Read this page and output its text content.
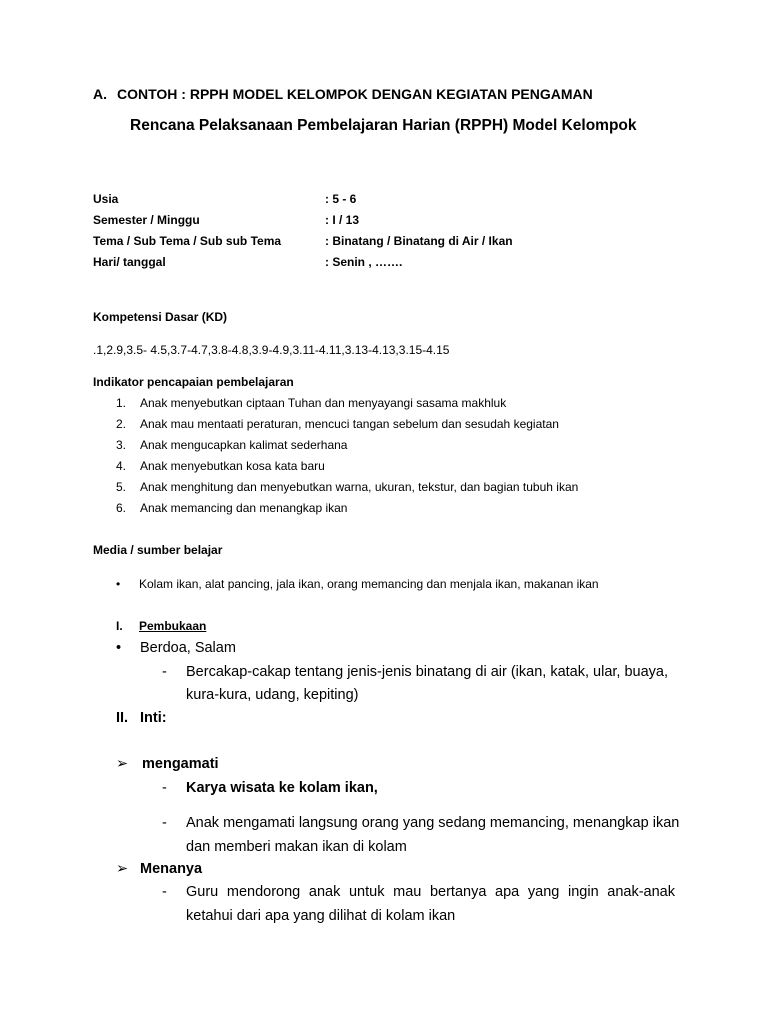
A. CONTOH : RPPH MODEL KELOMPOK DENGAN KEGIATAN PENGAMAN
Rencana Pelaksanaan Pembelajaran Harian (RPPH) Model Kelompok
Usia	: 5 - 6
Semester / Minggu	: I / 13
Tema / Sub Tema / Sub sub Tema	: Binatang / Binatang di Air / Ikan
Hari/ tanggal	: Senin , …….
Kompetensi Dasar (KD)
.1,2.9,3.5- 4.5,3.7-4.7,3.8-4.8,3.9-4.9,3.11-4.11,3.13-4.13,3.15-4.15
Indikator pencapaian pembelajaran
1. Anak menyebutkan ciptaan Tuhan dan menyayangi sasama makhluk
2. Anak mau mentaati peraturan, mencuci tangan sebelum dan sesudah kegiatan
3. Anak mengucapkan kalimat sederhana
4. Anak menyebutkan kosa kata baru
5. Anak menghitung dan menyebutkan warna, ukuran, tekstur, dan bagian tubuh ikan
6. Anak memancing dan menangkap ikan
Media / sumber belajar
• Kolam ikan, alat pancing, jala ikan, orang memancing dan menjala ikan, makanan ikan
I. Pembukaan
• Berdoa, Salam
- Bercakap-cakap tentang jenis-jenis binatang di air (ikan, katak, ular, buaya,
kura-kura, udang, kepiting)
II. Inti:
➢ mengamati
- Karya wisata ke kolam ikan,
- Anak mengamati langsung orang yang sedang memancing, menangkap ikan
dan memberi makan ikan di kolam
➢ Menanya
- Guru mendorong anak untuk mau bertanya apa yang ingin anak-anak
ketahui dari apa yang dilihat di kolam ikan
